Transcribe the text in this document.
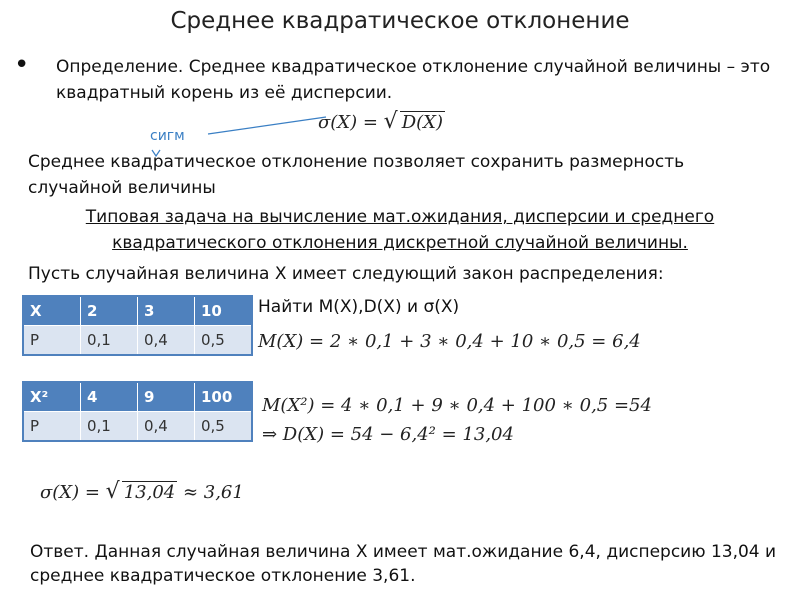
Среднее квадратическое отклонение
• Определение. Среднее квадратическое отклонение случайной величины – это квадратный корень из её дисперсии.
σ(X) = √ D(X)
сигм
Среднее квадратическое отклонение позволяет сохранить размерность случайной величины
Типовая задача на вычисление мат.ожидания, дисперсии и среднего квадратического отклонения дискретной случайной величины.
Пусть случайная величина X имеет следующий закон распределения:
X	2	3	10
P	0,1	0,4	0,5
Найти M(X),D(X) и σ(X)
M(X) = 2 ∗ 0,1 + 3 ∗ 0,4 + 10 ∗ 0,5 = 6,4
X²	4	9	100
P	0,1	0,4	0,5
M(X²) = 4 ∗ 0,1 + 9 ∗ 0,4 + 100 ∗ 0,5 =54
⇒ D(X) = 54 − 6,4² = 13,04
σ(X) = √ 13,04 ≈ 3,61
Ответ. Данная случайная величина X имеет мат.ожидание 6,4, дисперсию 13,04 и среднее квадратическое отклонение 3,61.
